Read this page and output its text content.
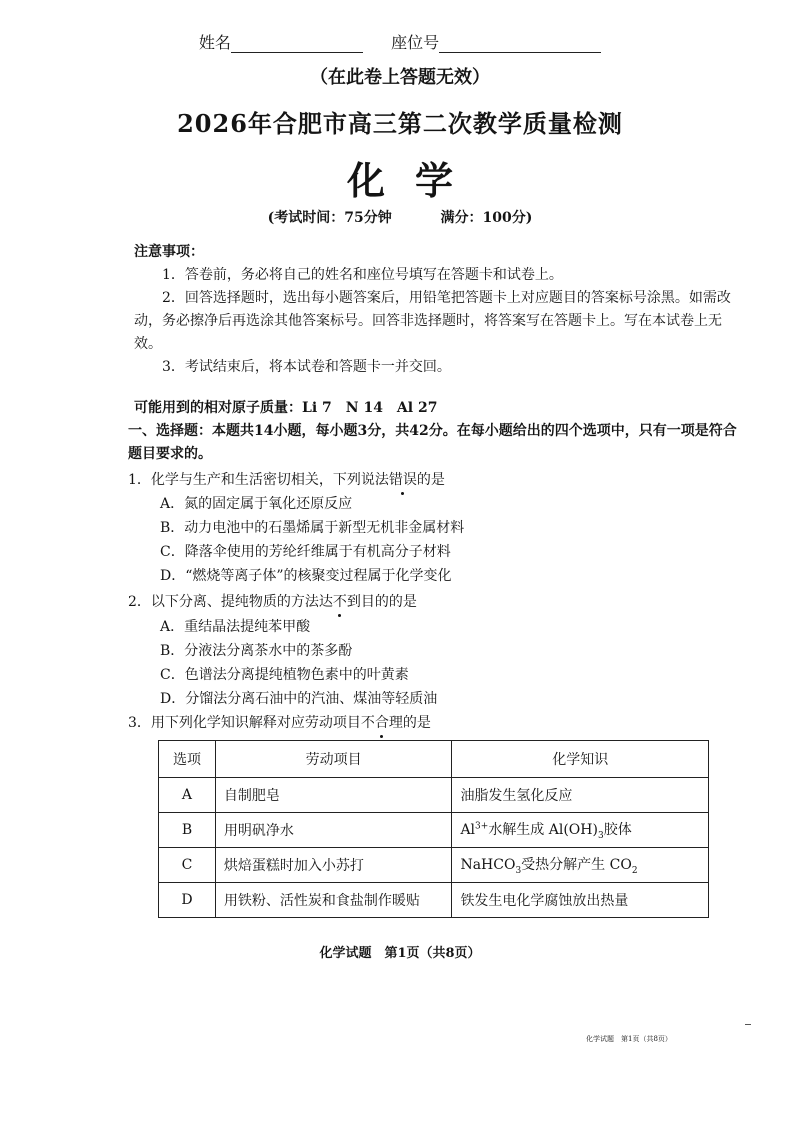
姓名	座位号
（在此卷上答题无效）
2026年合肥市高三第二次教学质量检测
化学
(考试时间：75分钟	满分：100分)

注意事项：

1．答卷前，务必将自己的姓名和座位号填写在答题卡和试卷上。

2．回答选择题时，选出每小题答案后，用铅笔把答题卡上对应题目的答案标号涂黑。如需改动，务必擦净后再选涂其他答案标号。回答非选择题时，将答案写在答题卡上。写在本试卷上无效。

3．考试结束后，将本试卷和答题卡一并交回。

可能用到的相对原子质量：Li 7　N 14　Al 27
一、选择题：本题共14小题，每小题3分，共42分。在每小题给出的四个选项中，只有一项是符合题目要求的。
1．化学与生产和生活密切相关，下列说法错误的是
A．氮的固定属于氧化还原反应
B．动力电池中的石墨烯属于新型无机非金属材料
C．降落伞使用的芳纶纤维属于有机高分子材料
D．“燃烧等离子体”的核聚变过程属于化学变化
2．以下分离、提纯物质的方法达不到目的的是
A．重结晶法提纯苯甲酸
B．分液法分离茶水中的茶多酚
C．色谱法分离提纯植物色素中的叶黄素
D．分馏法分离石油中的汽油、煤油等轻质油
3．用下列化学知识解释对应劳动项目不合理的是
选项	劳动项目	化学知识
A	自制肥皂	油脂发生氢化反应
B	用明矾净水	$Al^{3+}$水解生成 $Al(OH)_3$胶体
C	烘焙蛋糕时加入小苏打	NaHCO$_3$受热分解产生 $CO_2$
D	用铁粉、活性炭和食盐制作暖贴	铁发生电化学腐蚀放出热量
化学试题　第1页（共8页）
化学试题　第1页（共8页）
